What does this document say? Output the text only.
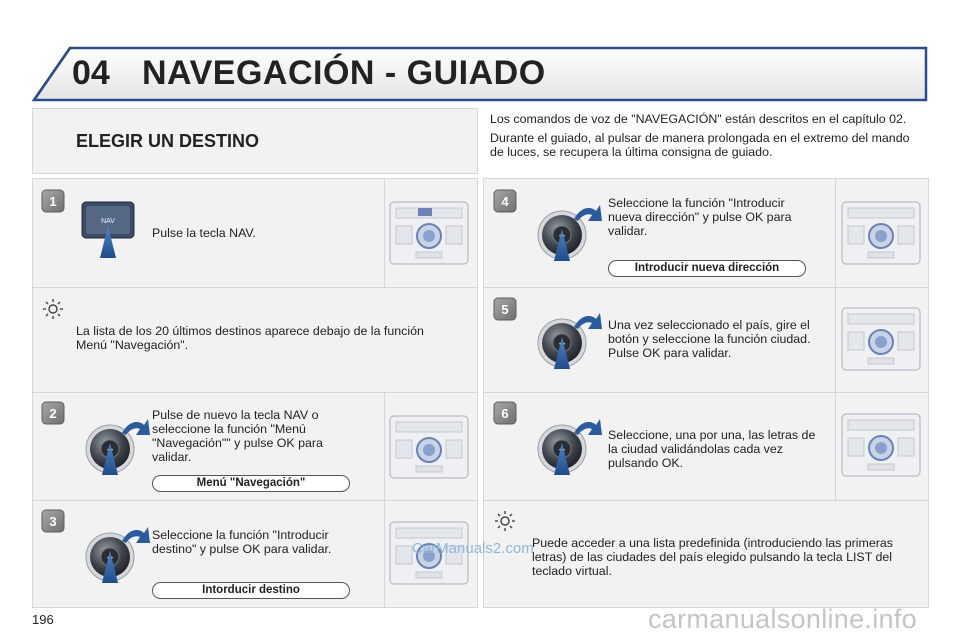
04 NAVEGACIÓN - GUIADO
ELEGIR UN DESTINO

Los comandos de voz de "NAVEGACIÓN" están descritos en el capítulo 02.

Durante el guiado, al pulsar de manera prolongada en el extremo del mando de luces, se recupera la última consigna de guiado.

1
NAV
Pulse la tecla NAV.
La lista de los 20 últimos destinos aparece debajo de la función Menú "Navegación".
2	Pulse de nuevo la tecla NAV o seleccione la función "Menú "Navegación"" y pulse OK para validar.
Menú "Navegación"
3
Seleccione la función "Introducir destino" y pulse OK para validar.
Intorducir destino
4	Seleccione la función "Introducir nueva dirección" y pulse OK para validar.
Introducir nueva dirección
5
Una vez seleccionado el país, gire el botón y seleccione la función ciudad. Pulse OK para validar.
6
Seleccione, una por una, las letras de la ciudad validándolas cada vez pulsando OK.
Puede acceder a una lista predefinida (introduciendo las primeras letras) de las ciudades del país elegido pulsando la tecla LIST del teclado virtual.
196
CarManuals2.com
carmanualsonline.info
